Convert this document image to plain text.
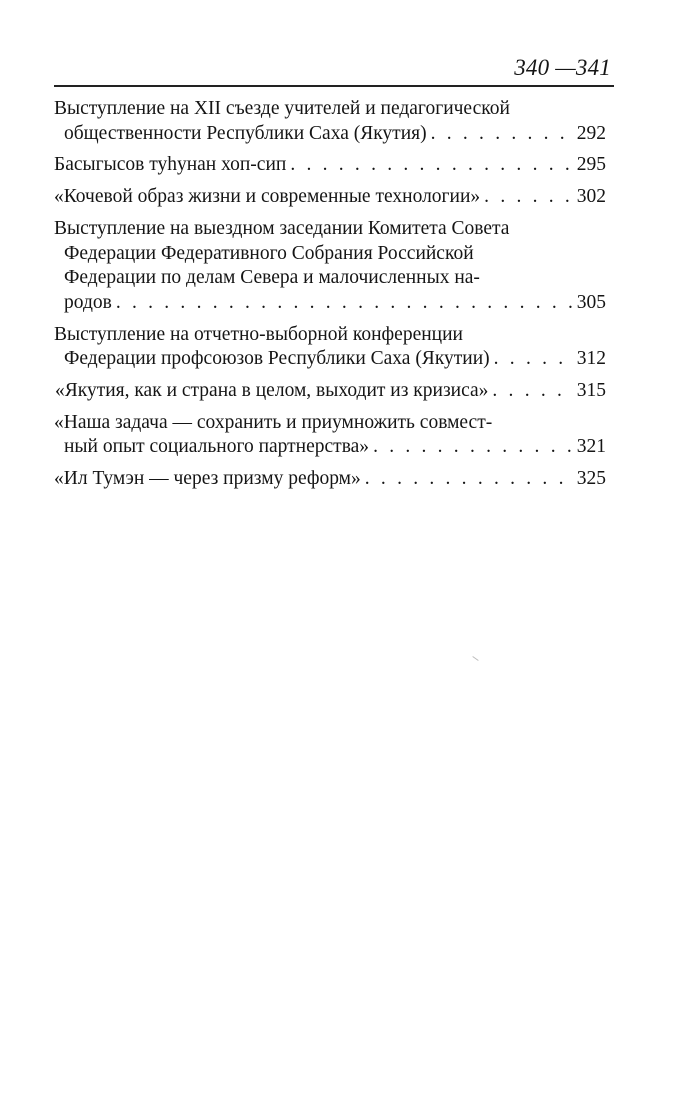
340 —341
Выступление на XII съезде учителей и педагогической
общественности Республики Саха (Якутия) . . .	292
Басыгысов туһунан хоп-сип . . .	295
«Кочевой образ жизни и современные технологии» . . .	302
Выступление на выездном заседании Комитета Совета
Федерации Федеративного Собрания Российской
Федерации по делам Севера и малочисленных на-
родов . . .	305
Выступление на отчетно-выборной конференции
Федерации профсоюзов Республики Саха (Якутии) . . .	312
«Якутия, как и страна в целом, выходит из кризиса» . . .	315
«Наша задача — сохранить и приумножить совмест-
ный опыт социального партнерства» . . .	321
«Ил Тумэн — через призму реформ» . . .	325
